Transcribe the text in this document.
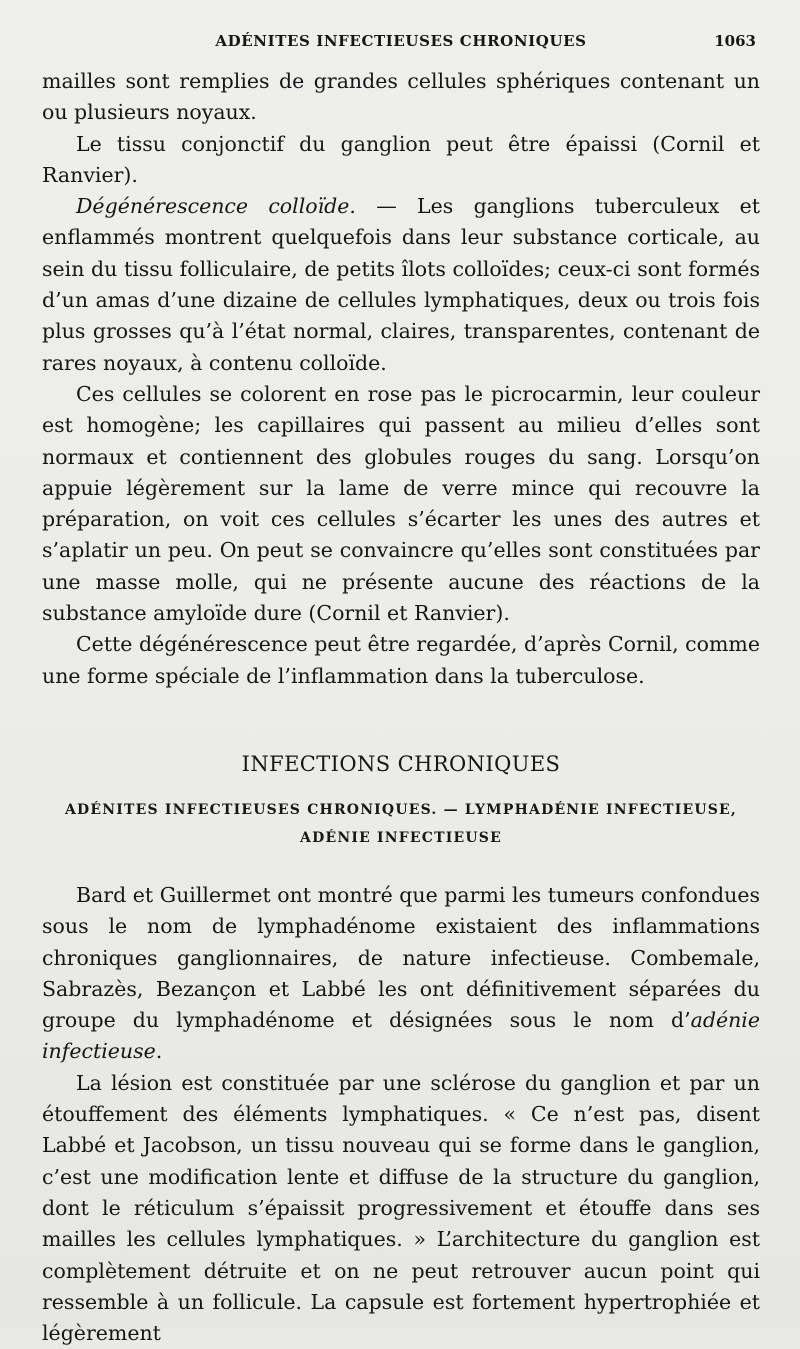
ADÉNITES INFECTIEUSES CHRONIQUES	1063

mailles sont remplies de grandes cellules sphériques contenant un ou plusieurs noyaux.

Le tissu conjonctif du ganglion peut être épaissi (Cornil et Ranvier).

Dégénérescence colloïde. — Les ganglions tuberculeux et enflammés montrent quelquefois dans leur substance corticale, au sein du tissu folliculaire, de petits îlots colloïdes; ceux-ci sont formés d’un amas d’une dizaine de cellules lymphatiques, deux ou trois fois plus grosses qu’à l’état normal, claires, transparentes, contenant de rares noyaux, à contenu colloïde.

Ces cellules se colorent en rose pas le picrocarmin, leur couleur est homogène; les capillaires qui passent au milieu d’elles sont normaux et contiennent des globules rouges du sang. Lorsqu’on appuie légèrement sur la lame de verre mince qui recouvre la préparation, on voit ces cellules s’écarter les unes des autres et s’aplatir un peu. On peut se convaincre qu’elles sont constituées par une masse molle, qui ne présente aucune des réactions de la substance amyloïde dure (Cornil et Ranvier).

Cette dégénérescence peut être regardée, d’après Cornil, comme une forme spéciale de l’inflammation dans la tuberculose.

INFECTIONS CHRONIQUES
ADÉNITES INFECTIEUSES CHRONIQUES. — LYMPHADÉNIE INFECTIEUSE,
ADÉNIE INFECTIEUSE

Bard et Guillermet ont montré que parmi les tumeurs confondues sous le nom de lymphadénome existaient des inflammations chroniques ganglionnaires, de nature infectieuse. Combemale, Sabrazès, Bezançon et Labbé les ont définitivement séparées du groupe du lymphadénome et désignées sous le nom d’adénie infectieuse.

La lésion est constituée par une sclérose du ganglion et par un étouffement des éléments lymphatiques. « Ce n’est pas, disent Labbé et Jacobson, un tissu nouveau qui se forme dans le ganglion, c’est une modification lente et diffuse de la structure du ganglion, dont le réticulum s’épaissit progressivement et étouffe dans ses mailles les cellules lymphatiques. » L’architecture du ganglion est complètement détruite et on ne peut retrouver aucun point qui ressemble à un follicule. La capsule est fortement hypertrophiée et légèrement
